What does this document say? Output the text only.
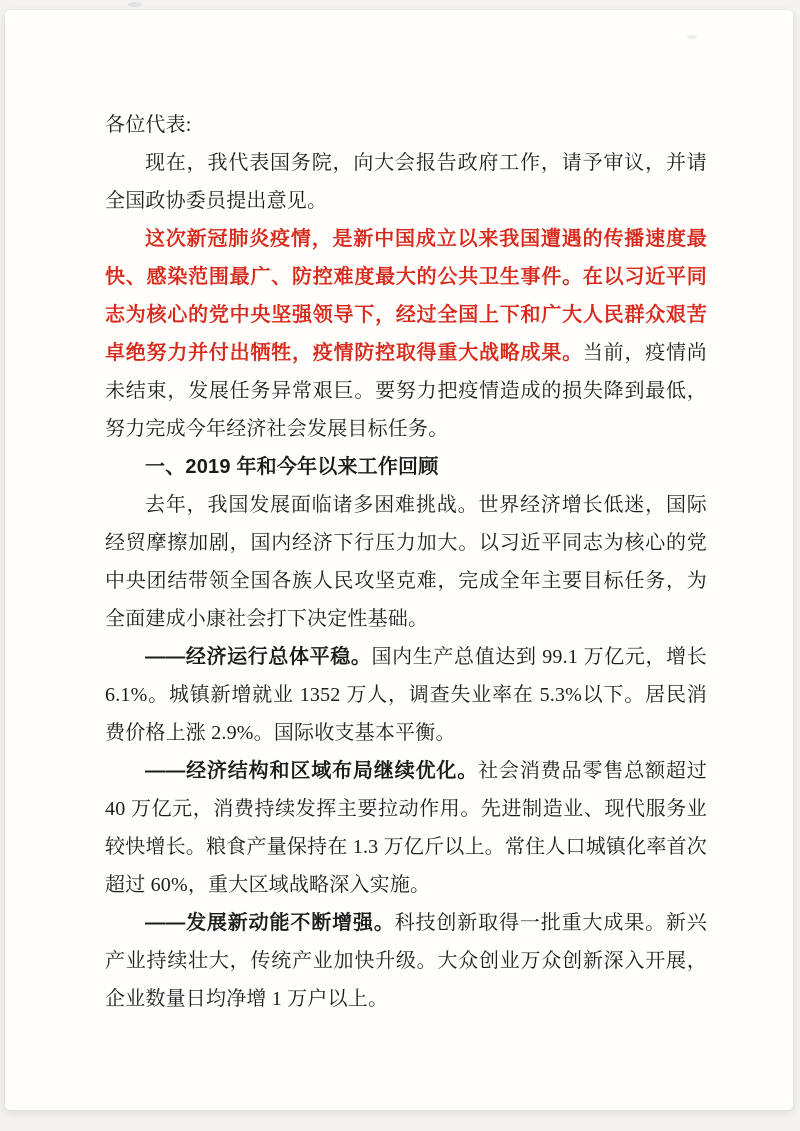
各位代表:

现在，我代表国务院，向大会报告政府工作，请予审议，并请全国政协委员提出意见。

这次新冠肺炎疫情，是新中国成立以来我国遭遇的传播速度最快、感染范围最广、防控难度最大的公共卫生事件。在以习近平同志为核心的党中央坚强领导下，经过全国上下和广大人民群众艰苦卓绝努力并付出牺牲，疫情防控取得重大战略成果。当前，疫情尚未结束，发展任务异常艰巨。要努力把疫情造成的损失降到最低，努力完成今年经济社会发展目标任务。

一、2019 年和今年以来工作回顾

去年，我国发展面临诸多困难挑战。世界经济增长低迷，国际经贸摩擦加剧，国内经济下行压力加大。以习近平同志为核心的党中央团结带领全国各族人民攻坚克难，完成全年主要目标任务，为全面建成小康社会打下决定性基础。

——经济运行总体平稳。国内生产总值达到 99.1 万亿元，增长 6.1%。城镇新增就业 1352 万人，调查失业率在 5.3%以下。居民消费价格上涨 2.9%。国际收支基本平衡。

——经济结构和区域布局继续优化。社会消费品零售总额超过 40 万亿元，消费持续发挥主要拉动作用。先进制造业、现代服务业较快增长。粮食产量保持在 1.3 万亿斤以上。常住人口城镇化率首次超过 60%，重大区域战略深入实施。

——发展新动能不断增强。科技创新取得一批重大成果。新兴产业持续壮大，传统产业加快升级。大众创业万众创新深入开展，企业数量日均净增 1 万户以上。
